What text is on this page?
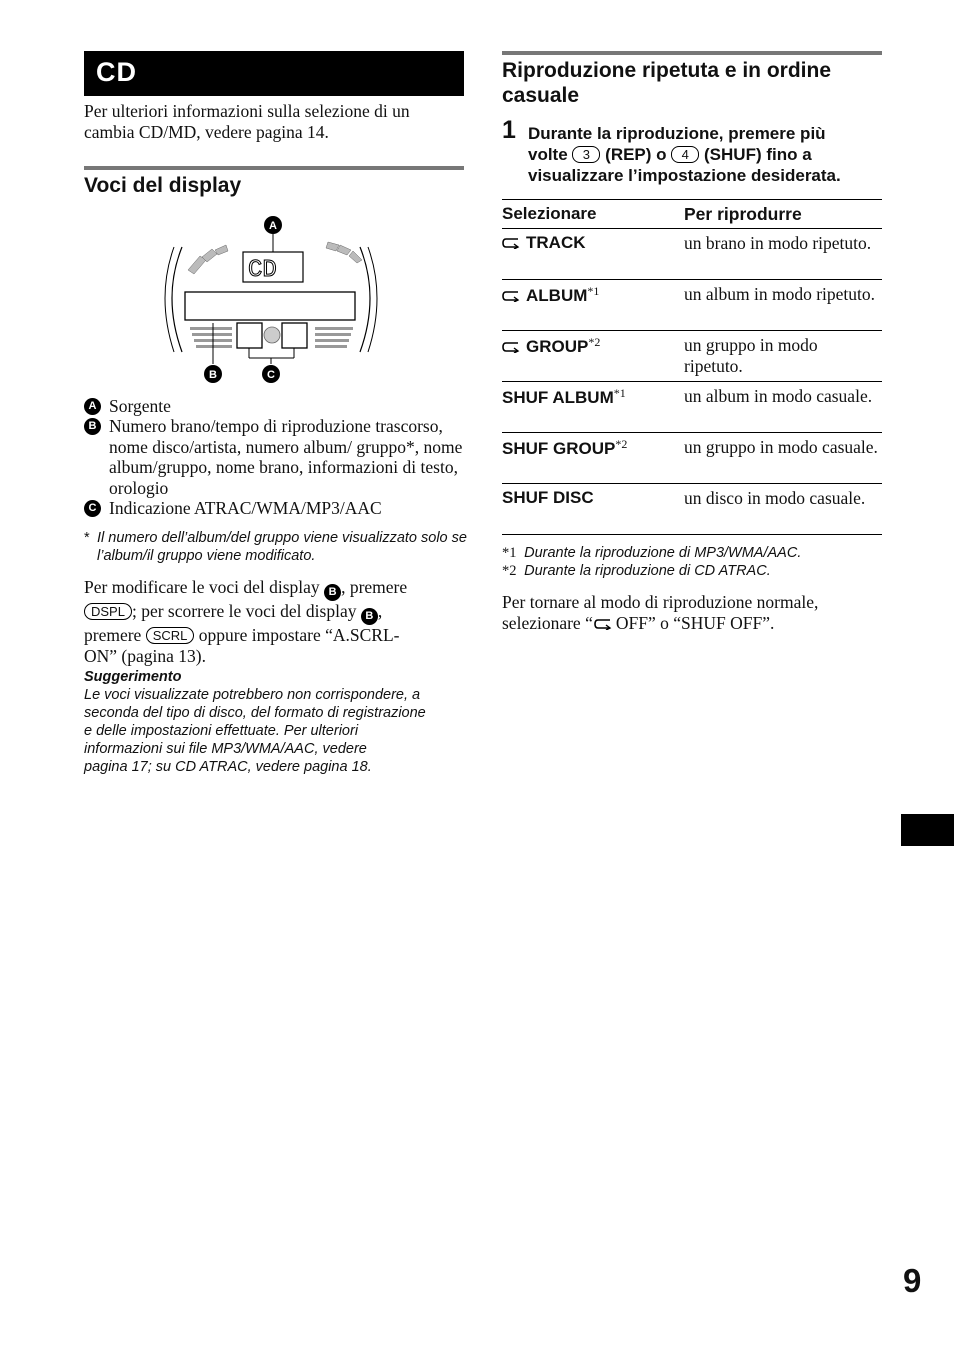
CD
Per ulteriori informazioni sulla selezione di un cambia CD/MD, vedere pagina 14.
Voci del display
CD
A
B	C
A Sorgente
B Numero brano/tempo di riproduzione trascorso, nome disco/artista, numero album/ gruppo*, nome album/gruppo, nome brano, informazioni di testo, orologio
C Indicazione ATRAC/WMA/MP3/AAC
* Il numero dell’album/del gruppo viene visualizzato solo se l’album/il gruppo viene modificato.
Per modificare le voci del display B , premere
DSPL ; per scorrere le voci del display B ,
premere SCRL oppure impostare “A.SCRL-
ON” (pagina 13).
Suggerimento
Le voci visualizzate potrebbero non corrispondere, a
seconda del tipo di disco, del formato di registrazione
e delle impostazioni effettuate. Per ulteriori
informazioni sui file MP3/WMA/AAC, vedere
pagina 17; su CD ATRAC, vedere pagina 18.
Riproduzione ripetuta e in ordine casuale
1 Durante la riproduzione, premere più
volte 3 (REP) o 4 (SHUF) fino a
visualizzare l’impostazione desiderata.
Selezionare	Per riprodurre
TRACK	un brano in modo ripetuto.
ALBUM$^{*1}$	un album in modo ripetuto.
GROUP$^{*2}$	un gruppo in modo ripetuto.
SHUF ALBUM$^{*1}$	un album in modo casuale.
SHUF GROUP$^{*2}$	un gruppo in modo casuale.
SHUF DISC	un disco in modo casuale.
*1 Durante la riproduzione di MP3/WMA/AAC.
*2 Durante la riproduzione di CD ATRAC.
Per tornare al modo di riproduzione normale,
selezionare “ OFF” o “SHUF OFF”.
9
